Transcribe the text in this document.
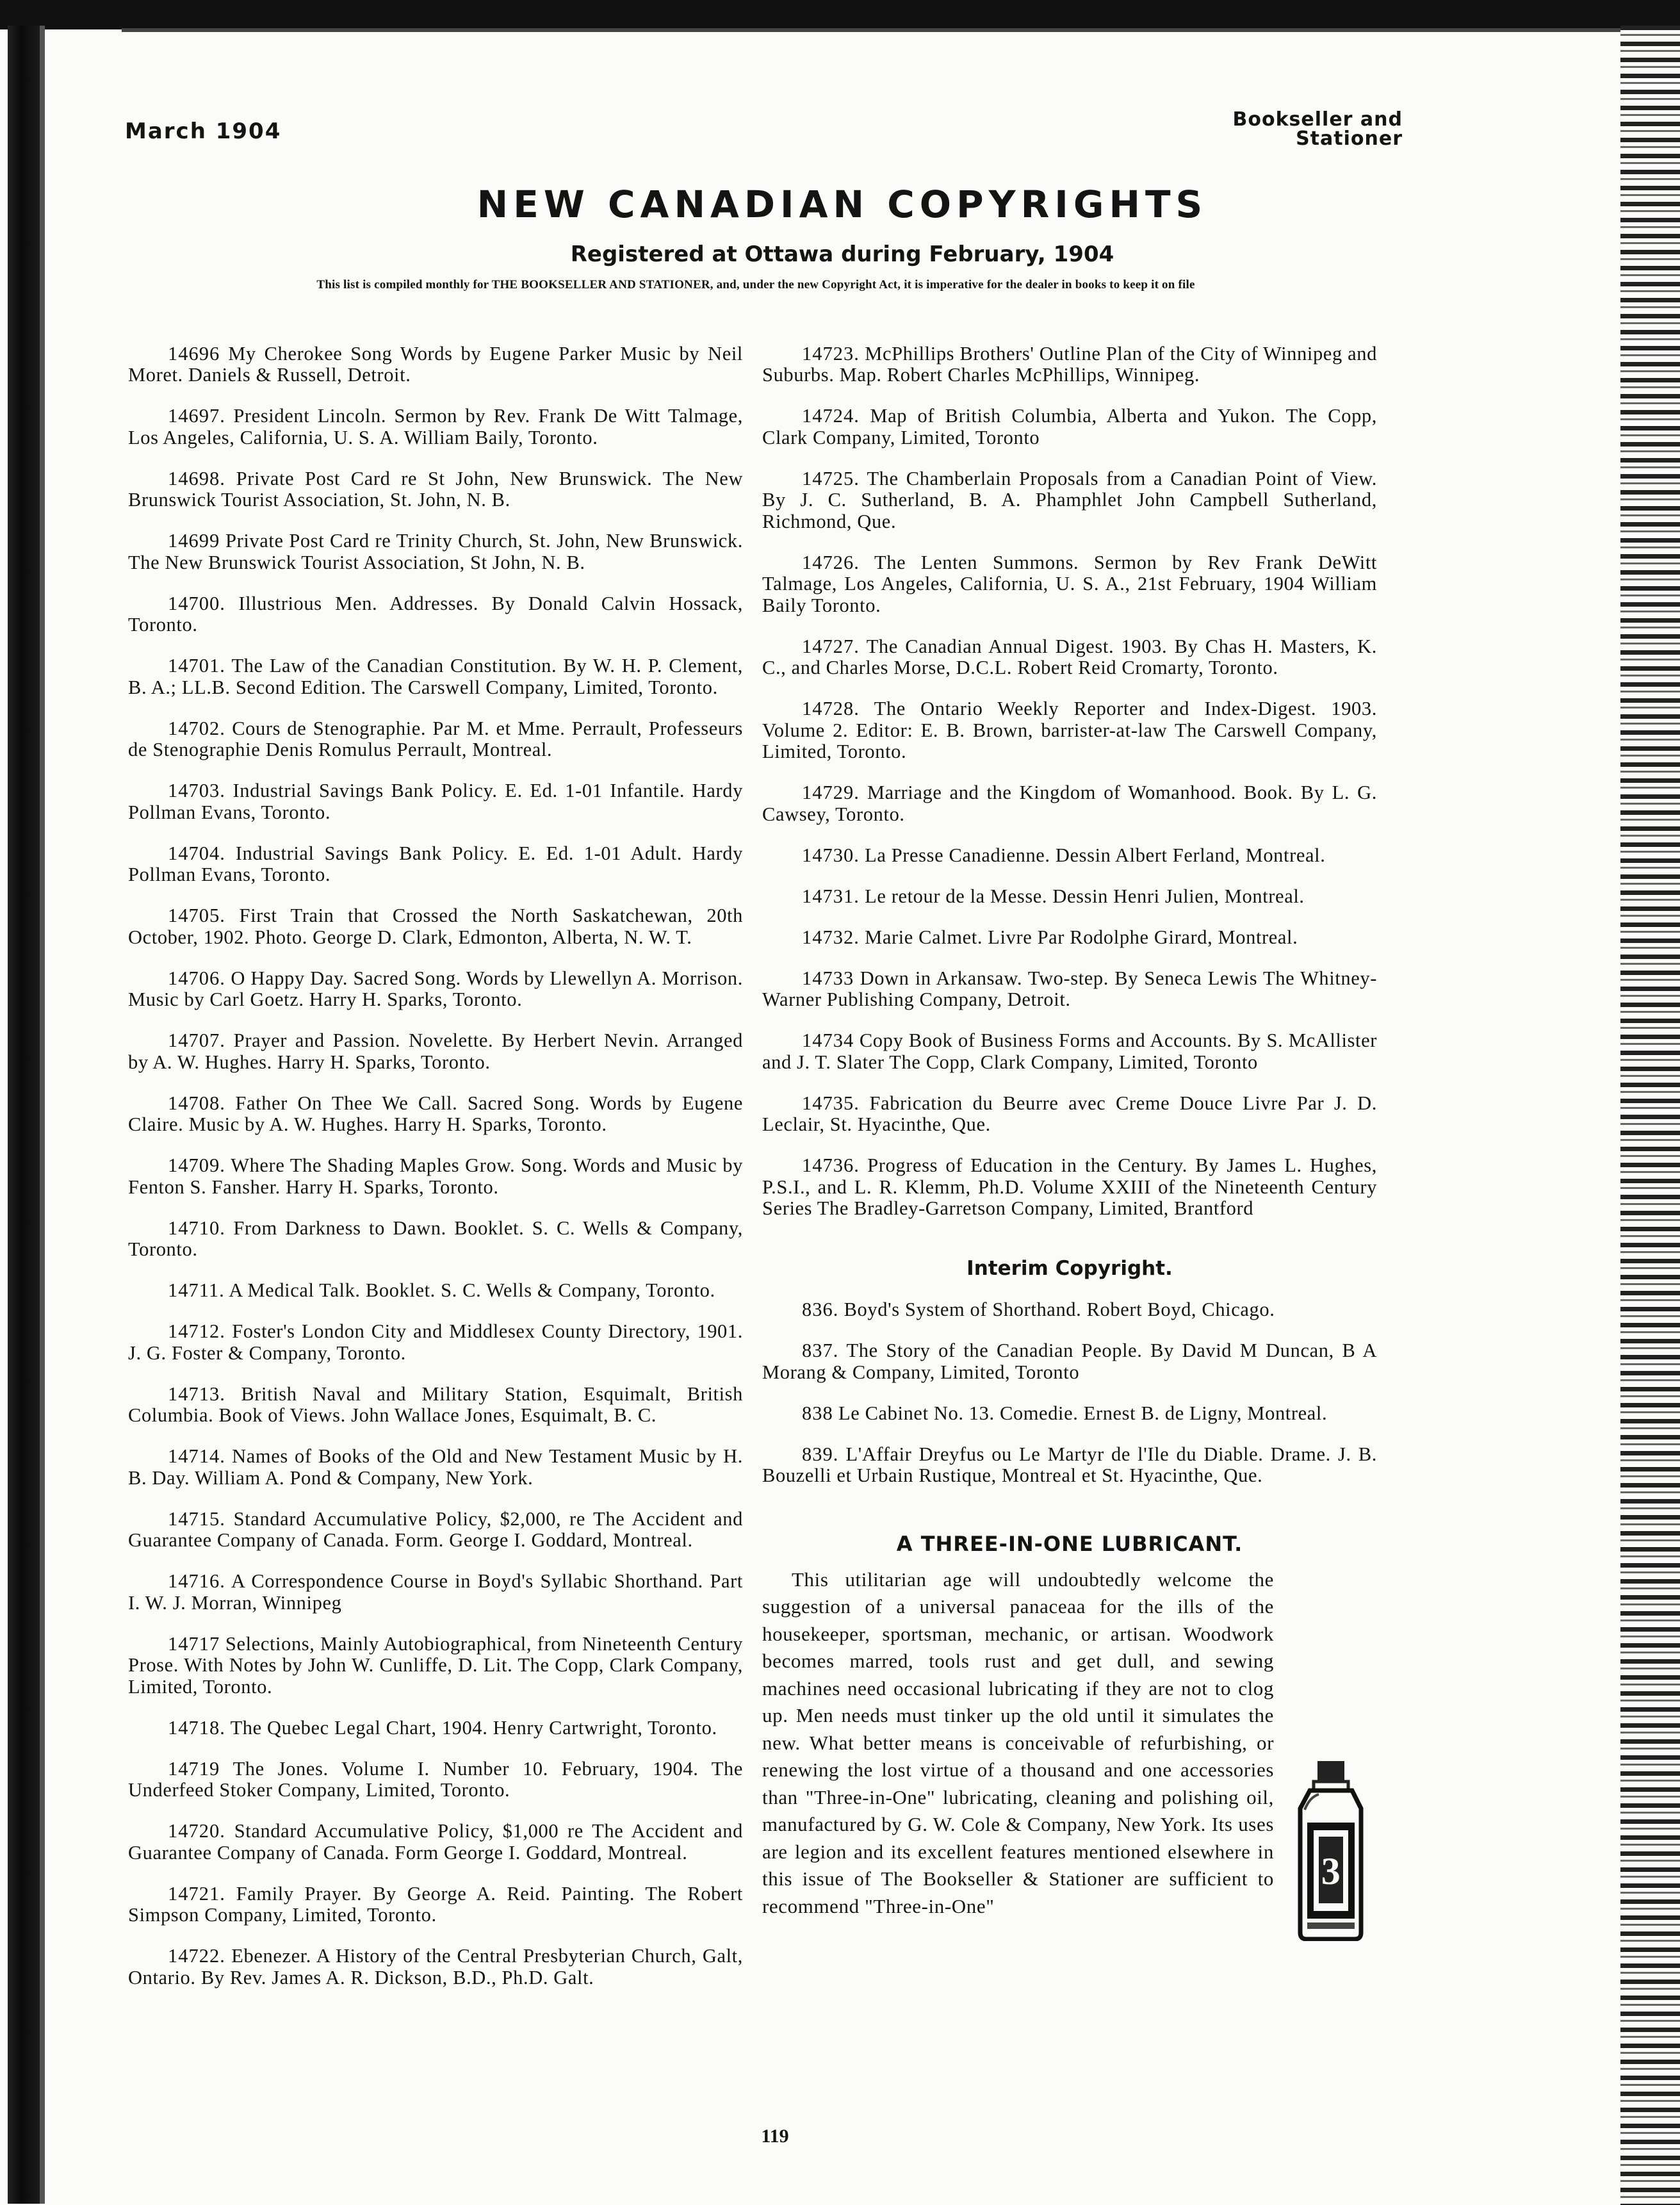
March 1904	Bookseller and
Stationer
NEW CANADIAN COPYRIGHTS
Registered at Ottawa during February, 1904
This list is compiled monthly for THE BOOKSELLER AND STATIONER, and, under the new Copyright Act, it is imperative for the dealer in books to keep it on file

14696 My Cherokee Song Words by Eugene Parker Music by Neil Moret. Daniels & Russell, Detroit.

14697. President Lincoln. Sermon by Rev. Frank De Witt Talmage, Los Angeles, California, U. S. A. William Baily, Toronto.

14698. Private Post Card re St John, New Brunswick. The New Brunswick Tourist Association, St. John, N. B.

14699 Private Post Card re Trinity Church, St. John, New Brunswick. The New Brunswick Tourist Association, St John, N. B.

14700. Illustrious Men. Addresses. By Donald Calvin Hossack, Toronto.

14701. The Law of the Canadian Constitution. By W. H. P. Clement, B. A.; LL.B. Second Edition. The Carswell Company, Limited, Toronto.

14702. Cours de Stenographie. Par M. et Mme. Perrault, Professeurs de Stenographie Denis Romulus Perrault, Montreal.

14703. Industrial Savings Bank Policy. E. Ed. 1-01 Infantile. Hardy Pollman Evans, Toronto.

14704. Industrial Savings Bank Policy. E. Ed. 1-01 Adult. Hardy Pollman Evans, Toronto.

14705. First Train that Crossed the North Saskatchewan, 20th October, 1902. Photo. George D. Clark, Edmonton, Alberta, N. W. T.

14706. O Happy Day. Sacred Song. Words by Llewellyn A. Morrison. Music by Carl Goetz. Harry H. Sparks, Toronto.

14707. Prayer and Passion. Novelette. By Herbert Nevin. Arranged by A. W. Hughes. Harry H. Sparks, Toronto.

14708. Father On Thee We Call. Sacred Song. Words by Eugene Claire. Music by A. W. Hughes. Harry H. Sparks, Toronto.

14709. Where The Shading Maples Grow. Song. Words and Music by Fenton S. Fansher. Harry H. Sparks, Toronto.

14710. From Darkness to Dawn. Booklet. S. C. Wells & Company, Toronto.

14711. A Medical Talk. Booklet. S. C. Wells & Company, Toronto.

14712. Foster's London City and Middlesex County Directory, 1901. J. G. Foster & Company, Toronto.

14713. British Naval and Military Station, Esquimalt, British Columbia. Book of Views. John Wallace Jones, Esquimalt, B. C.

14714. Names of Books of the Old and New Testament Music by H. B. Day. William A. Pond & Company, New York.

14715. Standard Accumulative Policy, $2,000, re The Accident and Guarantee Company of Canada. Form. George I. Goddard, Montreal.

14716. A Correspondence Course in Boyd's Syllabic Shorthand. Part I. W. J. Morran, Winnipeg

14717 Selections, Mainly Autobiographical, from Nineteenth Century Prose. With Notes by John W. Cunliffe, D. Lit. The Copp, Clark Company, Limited, Toronto.

14718. The Quebec Legal Chart, 1904. Henry Cartwright, Toronto.

14719 The Jones. Volume I. Number 10. February, 1904. The Underfeed Stoker Company, Limited, Toronto.

14720. Standard Accumulative Policy, $1,000 re The Accident and Guarantee Company of Canada. Form George I. Goddard, Montreal.

14721. Family Prayer. By George A. Reid. Painting. The Robert Simpson Company, Limited, Toronto.

14722. Ebenezer. A History of the Central Presbyterian Church, Galt, Ontario. By Rev. James A. R. Dickson, B.D., Ph.D. Galt.

14723. McPhillips Brothers' Outline Plan of the City of Winnipeg and Suburbs. Map. Robert Charles McPhillips, Winnipeg.

14724. Map of British Columbia, Alberta and Yukon. The Copp, Clark Company, Limited, Toronto

14725. The Chamberlain Proposals from a Canadian Point of View. By J. C. Sutherland, B. A. Phamphlet John Campbell Sutherland, Richmond, Que.

14726. The Lenten Summons. Sermon by Rev Frank DeWitt Talmage, Los Angeles, California, U. S. A., 21st February, 1904 William Baily Toronto.

14727. The Canadian Annual Digest. 1903. By Chas H. Masters, K. C., and Charles Morse, D.C.L. Robert Reid Cromarty, Toronto.

14728. The Ontario Weekly Reporter and Index-Digest. 1903. Volume 2. Editor: E. B. Brown, barrister-at-law The Carswell Company, Limited, Toronto.

14729. Marriage and the Kingdom of Womanhood. Book. By L. G. Cawsey, Toronto.

14730. La Presse Canadienne. Dessin Albert Ferland, Montreal.

14731. Le retour de la Messe. Dessin Henri Julien, Montreal.

14732. Marie Calmet. Livre Par Rodolphe Girard, Montreal.

14733 Down in Arkansaw. Two-step. By Seneca Lewis The Whitney-Warner Publishing Company, Detroit.

14734 Copy Book of Business Forms and Accounts. By S. McAllister and J. T. Slater The Copp, Clark Company, Limited, Toronto

14735. Fabrication du Beurre avec Creme Douce Livre Par J. D. Leclair, St. Hyacinthe, Que.

14736. Progress of Education in the Century. By James L. Hughes, P.S.I., and L. R. Klemm, Ph.D. Volume XXIII of the Nineteenth Century Series The Bradley-Garretson Company, Limited, Brantford

Interim Copyright.

836. Boyd's System of Shorthand. Robert Boyd, Chicago.

837. The Story of the Canadian People. By David M Duncan, B A Morang & Company, Limited, Toronto

838 Le Cabinet No. 13. Comedie. Ernest B. de Ligny, Montreal.

839. L'Affair Dreyfus ou Le Martyr de l'Ile du Diable. Drame. J. B. Bouzelli et Urbain Rustique, Montreal et St. Hyacinthe, Que.

A THREE-IN-ONE LUBRICANT.
3
This utilitarian age will undoubtedly welcome the suggestion of a universal panaceaa for the ills of the housekeeper, sportsman, mechanic, or artisan. Woodwork becomes marred, tools rust and get dull, and sewing machines need occasional lubricating if they are not to clog up. Men needs must tinker up the old until it simulates the new. What better means is conceivable of refurbishing, or renewing the lost virtue of a thousand and one accessories than "Three-in-One" lubricating, cleaning and polishing oil, manufactured by G. W. Cole & Company, New York. Its uses are legion and its excellent features mentioned elsewhere in this issue of The Bookseller & Stationer are sufficient to recommend "Three-in-One"
119
